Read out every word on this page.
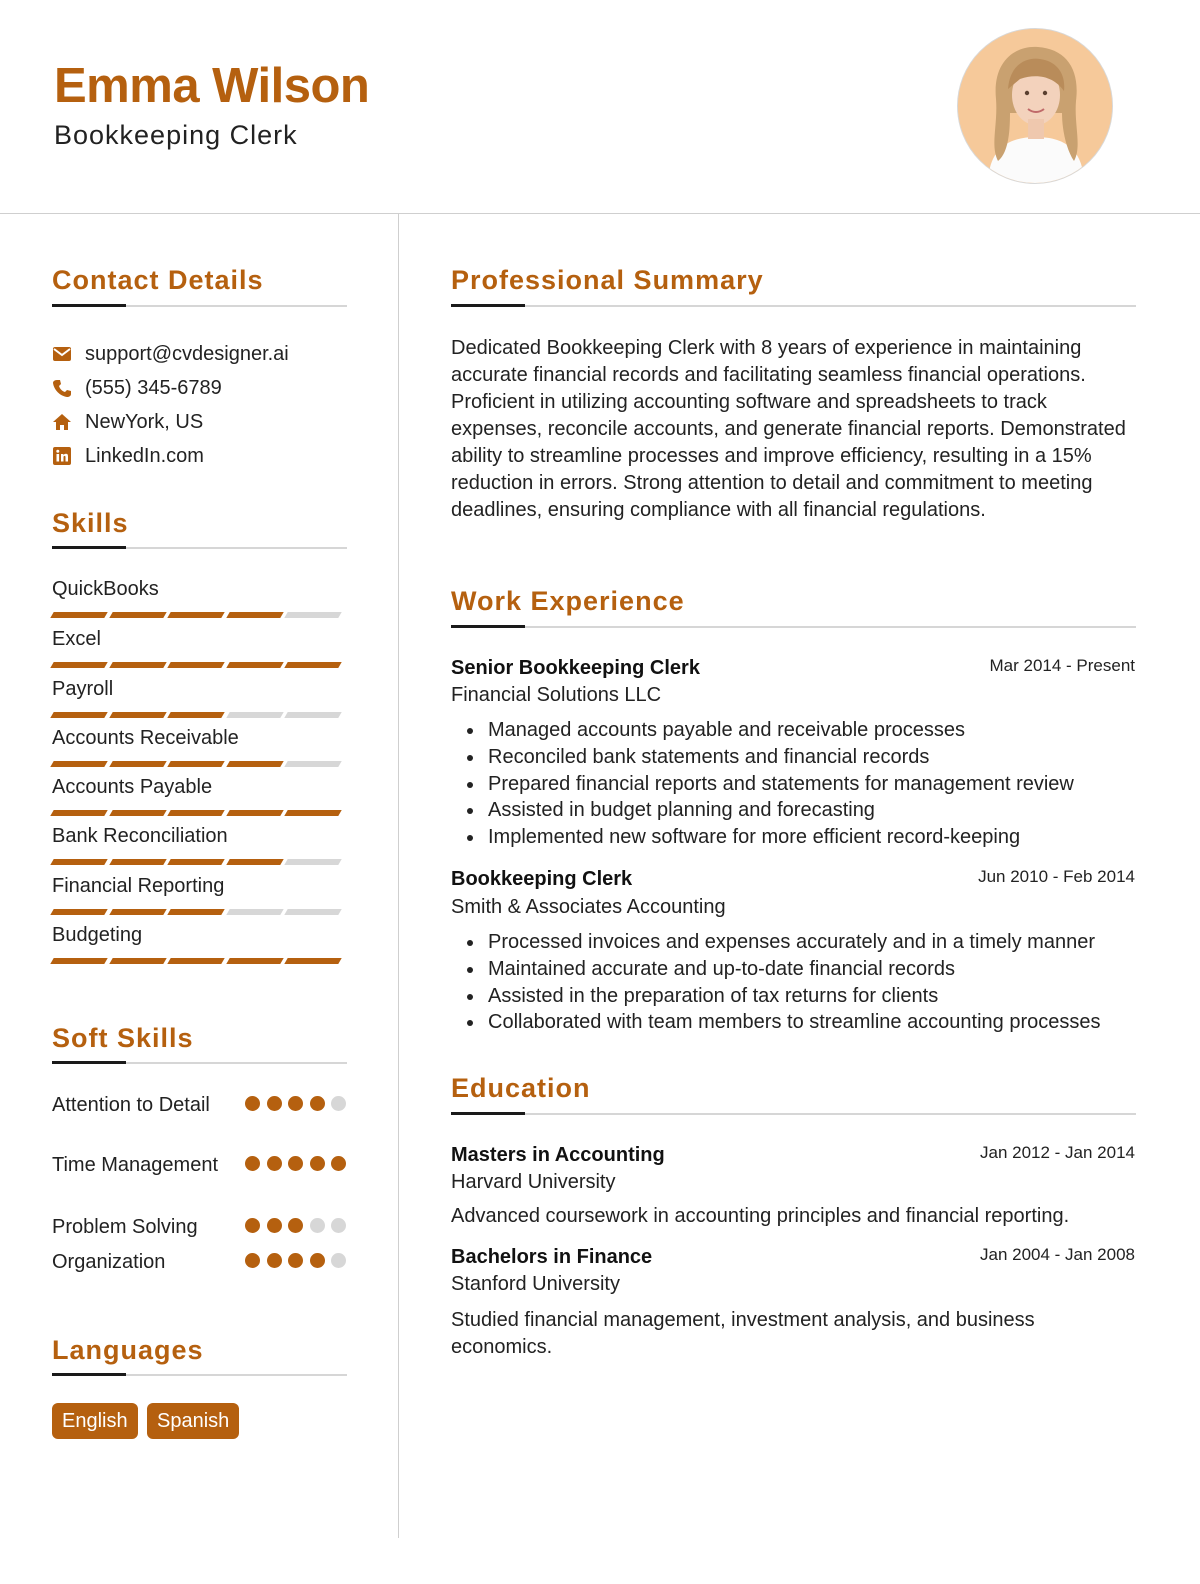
Emma Wilson
Bookkeeping Clerk
Contact Details
support@cvdesigner.ai
(555) 345-6789
NewYork, US
LinkedIn.com
Skills
QuickBooks
Excel
Payroll
Accounts Receivable
Accounts Payable
Bank Reconciliation
Financial Reporting
Budgeting
Soft Skills
Attention to Detail
Time Management
Problem Solving
Organization
Languages
English	Spanish
Professional Summary
Dedicated Bookkeeping Clerk with 8 years of experience in maintaining accurate financial records and facilitating seamless financial operations. Proficient in utilizing accounting software and spreadsheets to track expenses, reconcile accounts, and generate financial reports. Demonstrated ability to streamline processes and improve efficiency, resulting in a 15% reduction in errors. Strong attention to detail and commitment to meeting deadlines, ensuring compliance with all financial regulations.
Work Experience
Senior Bookkeeping Clerk	Mar 2014 - Present
Financial Solutions LLC
Managed accounts payable and receivable processes
Reconciled bank statements and financial records
Prepared financial reports and statements for management review
Assisted in budget planning and forecasting
Implemented new software for more efficient record-keeping
Bookkeeping Clerk	Jun 2010 - Feb 2014
Smith & Associates Accounting
Processed invoices and expenses accurately and in a timely manner
Maintained accurate and up-to-date financial records
Assisted in the preparation of tax returns for clients
Collaborated with team members to streamline accounting processes
Education
Masters in Accounting	Jan 2012 - Jan 2014
Harvard University
Advanced coursework in accounting principles and financial reporting.
Bachelors in Finance	Jan 2004 - Jan 2008
Stanford University
Studied financial management, investment analysis, and business economics.
